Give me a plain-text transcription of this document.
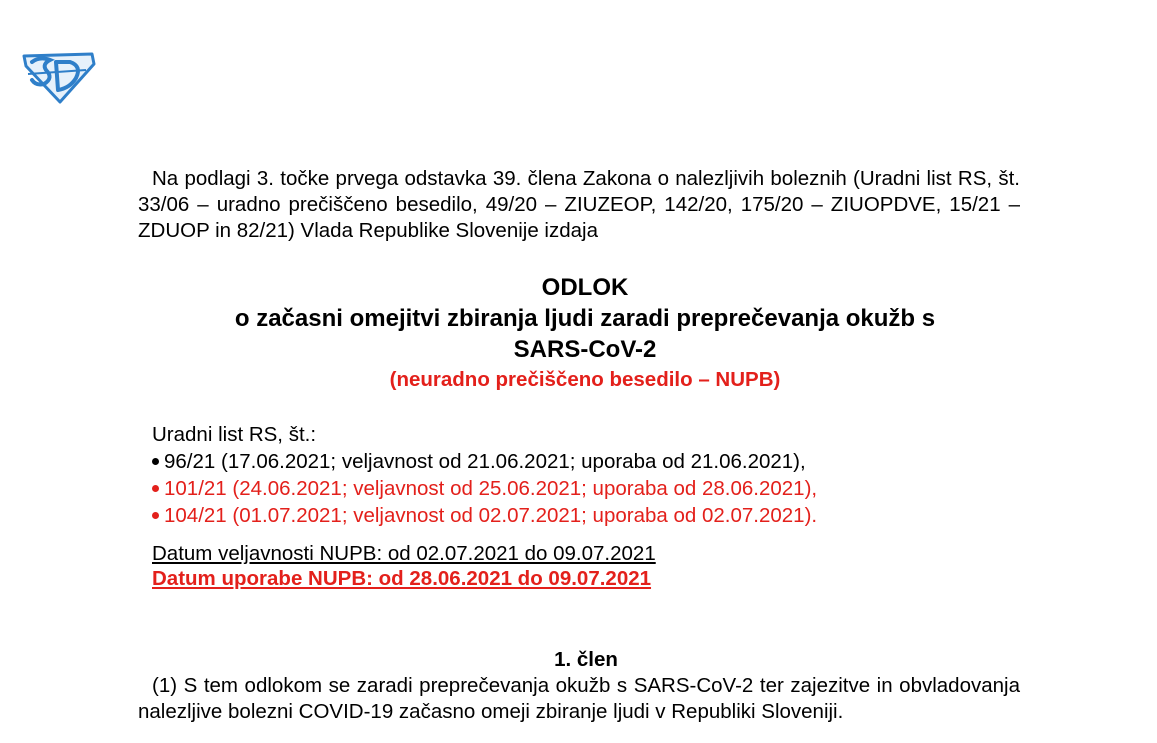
Na podlagi 3. točke prvega odstavka 39. člena Zakona o nalezljivih boleznih (Uradni list RS, št. 33/06 – uradno prečiščeno besedilo, 49/20 – ZIUZEOP, 142/20, 175/20 – ZIUOPDVE, 15/21 – ZDUOP in 82/21) Vlada Republike Slovenije izdaja

ODLOK

o začasni omejitvi zbiranja ljudi zaradi preprečevanja okužb s

SARS-CoV-2

(neuradno prečiščeno besedilo – NUPB)

Uradni list RS, št.:

96/21 (17.06.2021; veljavnost od 21.06.2021; uporaba od 21.06.2021),
101/21 (24.06.2021; veljavnost od 25.06.2021; uporaba od 28.06.2021),
104/21 (01.07.2021; veljavnost od 02.07.2021; uporaba od 02.07.2021).

Datum veljavnosti NUPB: od 02.07.2021 do 09.07.2021

Datum uporabe NUPB: od 28.06.2021 do 09.07.2021

1. člen

(1) S tem odlokom se zaradi preprečevanja okužb s SARS-CoV-2 ter zajezitve in obvladovanja nalezljive bolezni COVID-19 začasno omeji zbiranje ljudi v Republiki Sloveniji.
